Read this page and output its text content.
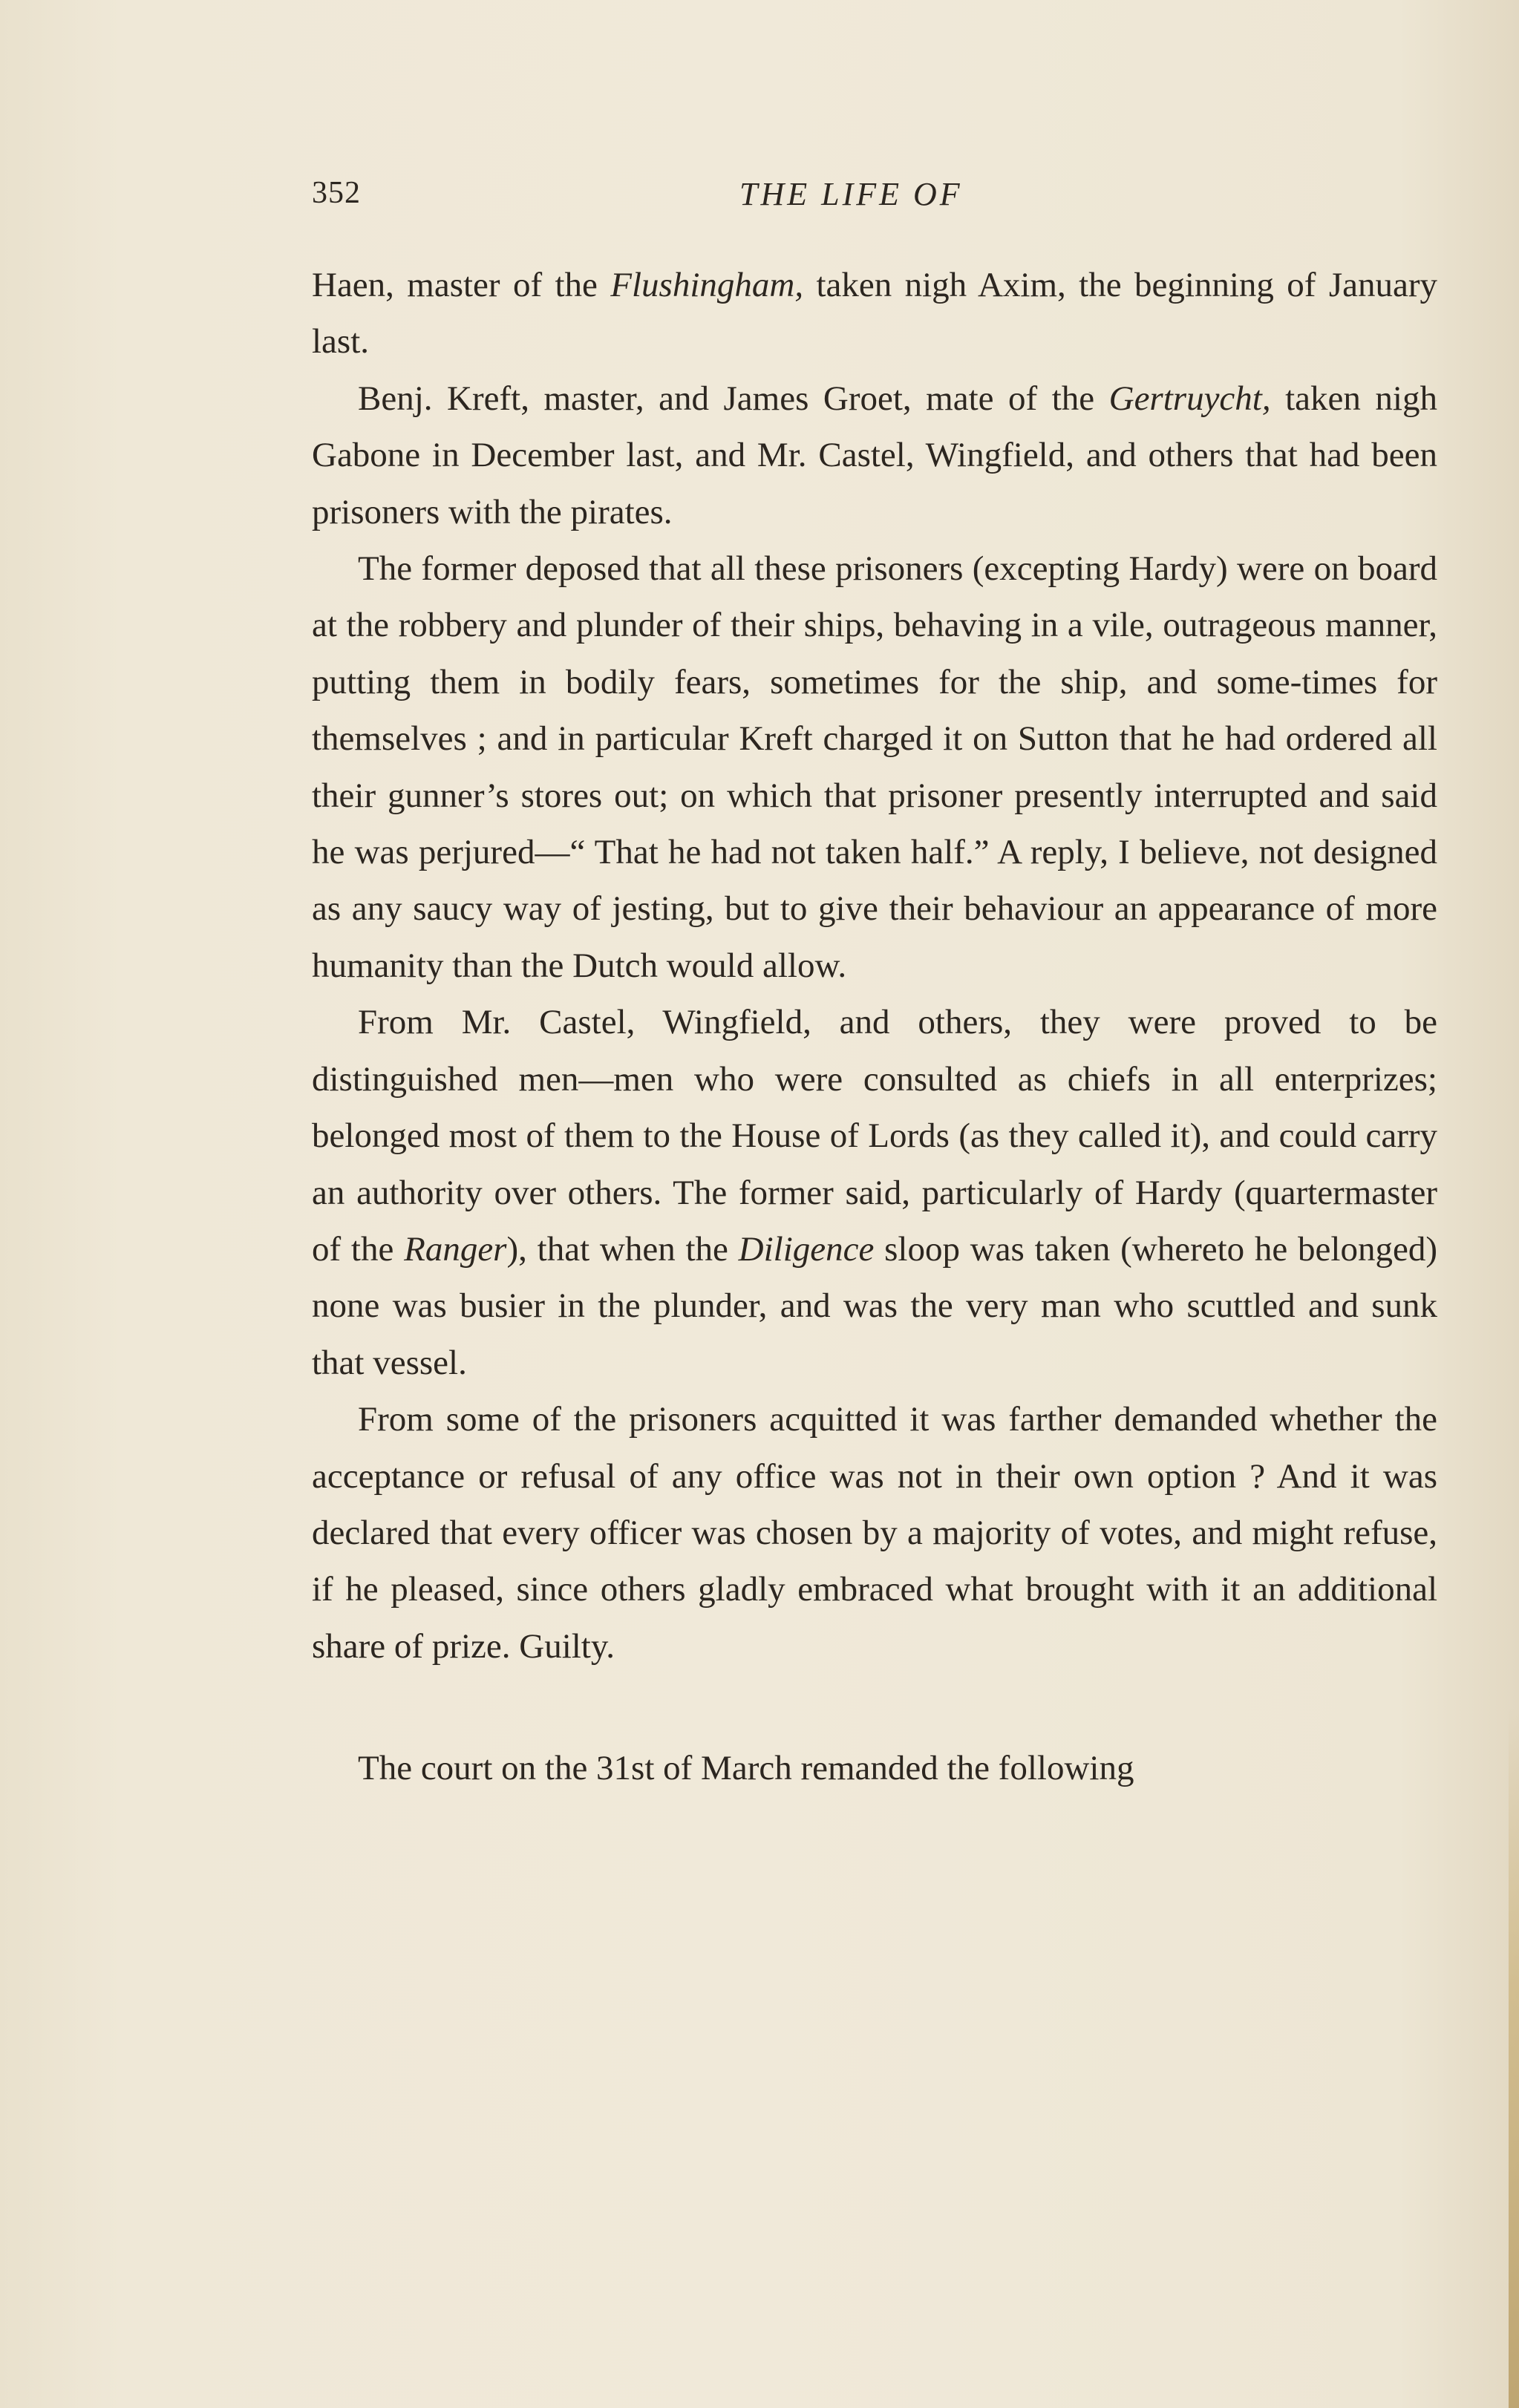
352	THE LIFE OF

Haen, master of the Flushingham, taken nigh Axim, the beginning of January last.

Benj. Kreft, master, and James Groet, mate of the Gertruycht, taken nigh Gabone in December last, and Mr. Castel, Wingfield, and others that had been prisoners with the pirates.

The former deposed that all these prisoners (excepting Hardy) were on board at the robbery and plunder of their ships, behaving in a vile, outrageous manner, putting them in bodily fears, sometimes for the ship, and some-times for themselves ; and in particular Kreft charged it on Sutton that he had ordered all their gunner’s stores out; on which that prisoner presently interrupted and said he was perjured—“ That he had not taken half.” A reply, I believe, not designed as any saucy way of jesting, but to give their behaviour an appearance of more humanity than the Dutch would allow.

From Mr. Castel, Wingfield, and others, they were proved to be distinguished men—men who were consulted as chiefs in all enterprizes; belonged most of them to the House of Lords (as they called it), and could carry an authority over others. The former said, particularly of Hardy (quartermaster of the Ranger), that when the Diligence sloop was taken (whereto he belonged) none was busier in the plunder, and was the very man who scuttled and sunk that vessel.

From some of the prisoners acquitted it was farther demanded whether the acceptance or refusal of any office was not in their own option ? And it was declared that every officer was chosen by a majority of votes, and might refuse, if he pleased, since others gladly embraced what brought with it an additional share of prize. Guilty.

The court on the 31st of March remanded the following
